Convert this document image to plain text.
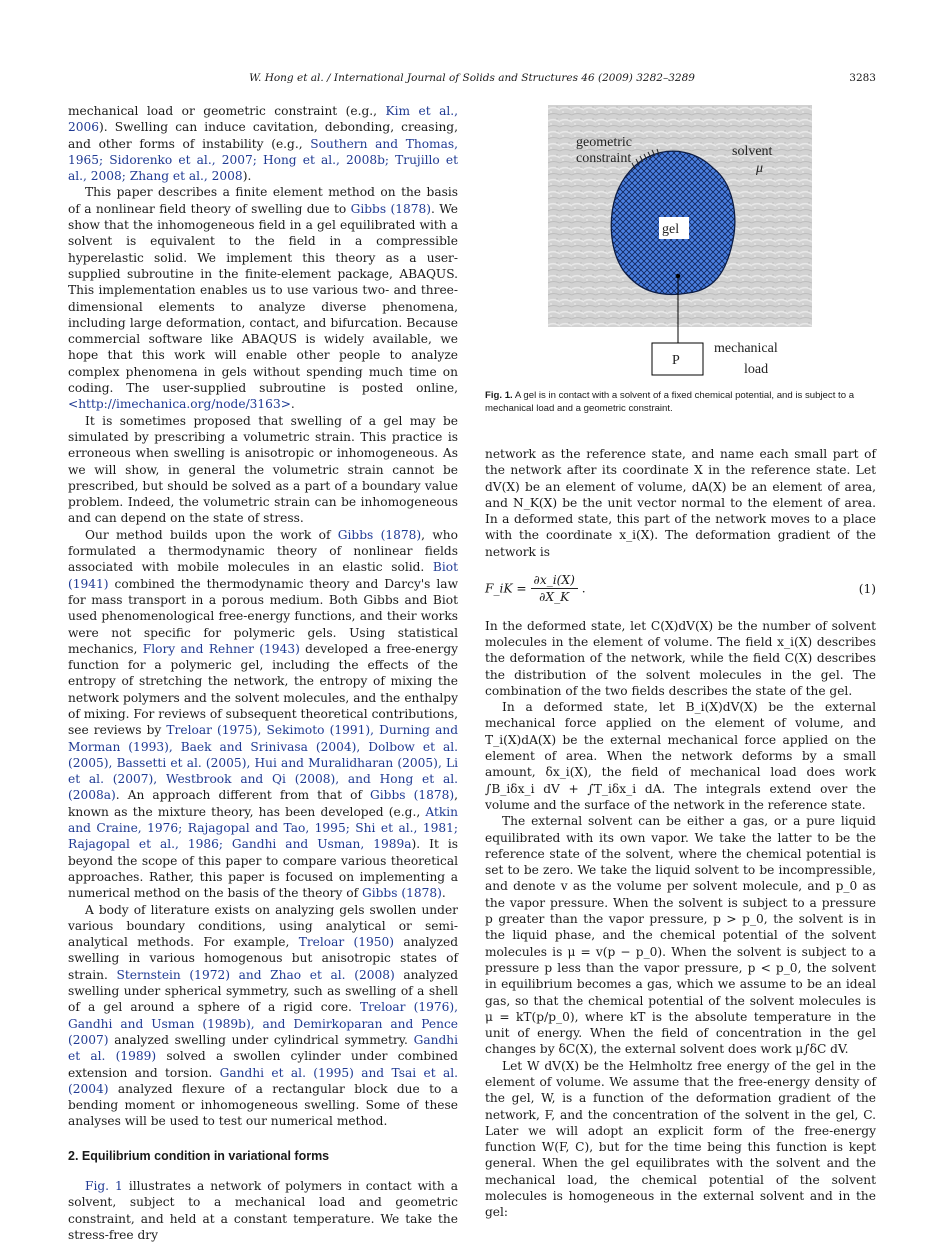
W. Hong et al. / International Journal of Solids and Structures 46 (2009) 3282–3289	3283

mechanical load or geometric constraint (e.g., Kim et al., 2006). Swelling can induce cavitation, debonding, creasing, and other forms of instability (e.g., Southern and Thomas, 1965; Sidorenko et al., 2007; Hong et al., 2008b; Trujillo et al., 2008; Zhang et al., 2008).

This paper describes a finite element method on the basis of a nonlinear field theory of swelling due to Gibbs (1878). We show that the inhomogeneous field in a gel equilibrated with a solvent is equivalent to the field in a compressible hyperelastic solid. We implement this theory as a user-supplied subroutine in the finite-element package, ABAQUS. This implementation enables us to use various two- and three-dimensional elements to analyze diverse phenomena, including large deformation, contact, and bifurcation. Because commercial software like ABAQUS is widely available, we hope that this work will enable other people to analyze complex phenomena in gels without spending much time on coding. The user-supplied subroutine is posted online, <http://imechanica.org/node/3163>.

It is sometimes proposed that swelling of a gel may be simulated by prescribing a volumetric strain. This practice is erroneous when swelling is anisotropic or inhomogeneous. As we will show, in general the volumetric strain cannot be prescribed, but should be solved as a part of a boundary value problem. Indeed, the volumetric strain can be inhomogeneous and can depend on the state of stress.

Our method builds upon the work of Gibbs (1878), who formulated a thermodynamic theory of nonlinear fields associated with mobile molecules in an elastic solid. Biot (1941) combined the thermodynamic theory and Darcy's law for mass transport in a porous medium. Both Gibbs and Biot used phenomenological free-energy functions, and their works were not specific for polymeric gels. Using statistical mechanics, Flory and Rehner (1943) developed a free-energy function for a polymeric gel, including the effects of the entropy of stretching the network, the entropy of mixing the network polymers and the solvent molecules, and the enthalpy of mixing. For reviews of subsequent theoretical contributions, see reviews by Treloar (1975), Sekimoto (1991), Durning and Morman (1993), Baek and Srinivasa (2004), Dolbow et al. (2005), Bassetti et al. (2005), Hui and Muralidharan (2005), Li et al. (2007), Westbrook and Qi (2008), and Hong et al. (2008a). An approach different from that of Gibbs (1878), known as the mixture theory, has been developed (e.g., Atkin and Craine, 1976; Rajagopal and Tao, 1995; Shi et al., 1981; Rajagopal et al., 1986; Gandhi and Usman, 1989a). It is beyond the scope of this paper to compare various theoretical approaches. Rather, this paper is focused on implementing a numerical method on the basis of the theory of Gibbs (1878).

A body of literature exists on analyzing gels swollen under various boundary conditions, using analytical or semi-analytical methods. For example, Treloar (1950) analyzed swelling in various homogenous but anisotropic states of strain. Sternstein (1972) and Zhao et al. (2008) analyzed swelling under spherical symmetry, such as swelling of a shell of a gel around a sphere of a rigid core. Treloar (1976), Gandhi and Usman (1989b), and Demirkoparan and Pence (2007) analyzed swelling under cylindrical symmetry. Gandhi et al. (1989) solved a swollen cylinder under combined extension and torsion. Gandhi et al. (1995) and Tsai et al. (2004) analyzed flexure of a rectangular block due to a bending moment or inhomogeneous swelling. Some of these analyses will be used to test our numerical method.

2. Equilibrium condition in variational forms

Fig. 1 illustrates a network of polymers in contact with a solvent, subject to a mechanical load and geometric constraint, and held at a constant temperature. We take the stress-free dry

gel
geometric
constraint	solvent
μ
P
mechanical
load
Fig. 1. A gel is in contact with a solvent of a fixed chemical potential, and is subject to a mechanical load and a geometric constraint.

network as the reference state, and name each small part of the network after its coordinate X in the reference state. Let dV(X) be an element of volume, dA(X) be an element of area, and N_K(X) be the unit vector normal to the element of area. In a deformed state, this part of the network moves to a place with the coordinate x_i(X). The deformation gradient of the network is

F_iK = $\frac{\partial x\_i(X)}{\partial X\_K}$ .	(1)

In the deformed state, let C(X)dV(X) be the number of solvent molecules in the element of volume. The field x_i(X) describes the deformation of the network, while the field C(X) describes the distribution of the solvent molecules in the gel. The combination of the two fields describes the state of the gel.

In a deformed state, let B_i(X)dV(X) be the external mechanical force applied on the element of volume, and T_i(X)dA(X) be the external mechanical force applied on the element of area. When the network deforms by a small amount, δx_i(X), the field of mechanical load does work ∫B_iδx_i dV + ∫T_iδx_i dA. The integrals extend over the volume and the surface of the network in the reference state.

The external solvent can be either a gas, or a pure liquid equilibrated with its own vapor. We take the latter to be the reference state of the solvent, where the chemical potential is set to be zero. We take the liquid solvent to be incompressible, and denote v as the volume per solvent molecule, and p_0 as the vapor pressure. When the solvent is subject to a pressure p greater than the vapor pressure, p > p_0, the solvent is in the liquid phase, and the chemical potential of the solvent molecules is μ = v(p − p_0). When the solvent is subject to a pressure p less than the vapor pressure, p < p_0, the solvent in equilibrium becomes a gas, which we assume to be an ideal gas, so that the chemical potential of the solvent molecules is μ = kT(p/p_0), where kT is the absolute temperature in the unit of energy. When the field of concentration in the gel changes by δC(X), the external solvent does work μ∫δC dV.

Let W dV(X) be the Helmholtz free energy of the gel in the element of volume. We assume that the free-energy density of the gel, W, is a function of the deformation gradient of the network, F, and the concentration of the solvent in the gel, C. Later we will adopt an explicit form of the free-energy function W(F, C), but for the time being this function is kept general. When the gel equilibrates with the solvent and the mechanical load, the chemical potential of the solvent molecules is homogeneous in the external solvent and in the gel:
